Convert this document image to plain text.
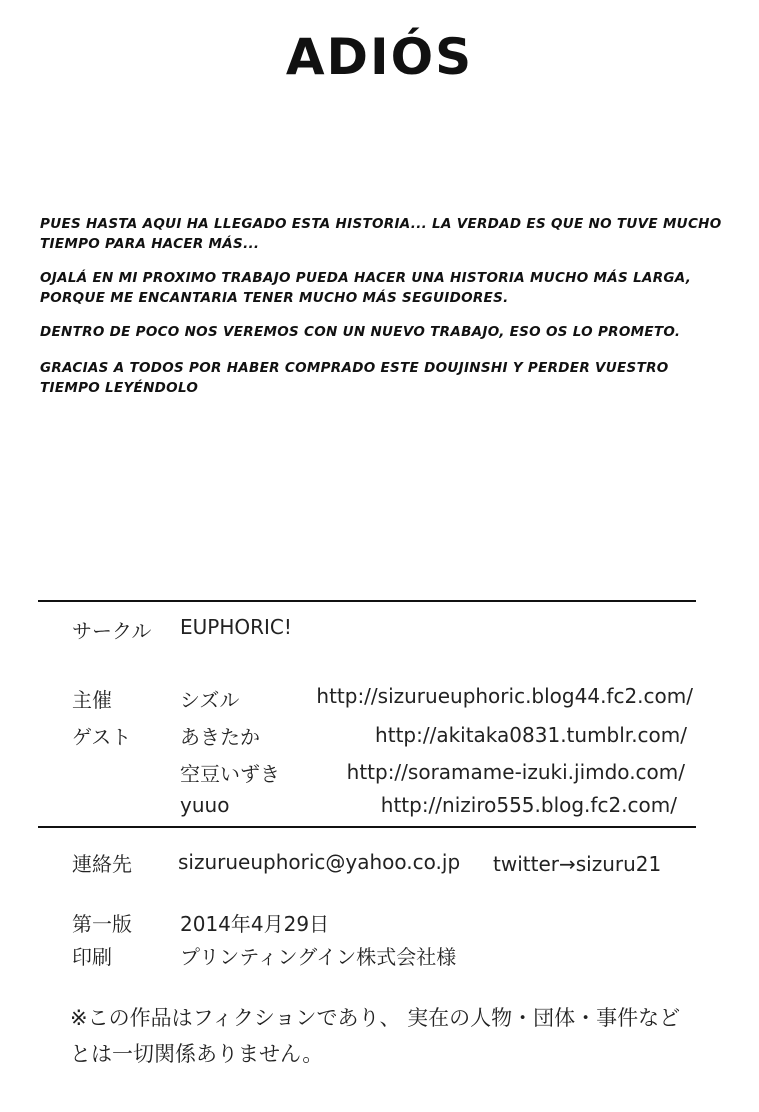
ADIÓS
PUES HASTA AQUI HA LLEGADO ESTA HISTORIA... LA VERDAD ES QUE NO TUVE MUCHO
TIEMPO PARA HACER MÁS...
OJALÁ EN MI PROXIMO TRABAJO PUEDA HACER UNA HISTORIA MUCHO MÁS LARGA,
PORQUE ME ENCANTARIA TENER MUCHO MÁS SEGUIDORES.
DENTRO DE POCO NOS VEREMOS CON UN NUEVO TRABAJO, ESO OS LO PROMETO.
GRACIAS A TODOS POR HABER COMPRADO ESTE DOUJINSHI Y PERDER VUESTRO
TIEMPO LEYÉNDOLO
サークル EUPHORIC!
主催	シズル	http://sizurueuphoric.blog44.fc2.com/
ゲスト あきたか	http://akitaka0831.tumblr.com/
空豆いずき	http://soramame-izuki.jimdo.com/
yuuo	http://niziro555.blog.fc2.com/
連絡先 sizurueuphoric@yahoo.co.jp twitter→sizuru21
第一版 2014年4月29日
印刷	プリンティングイン株式会社様
※この作品はフィクションであり、 実在の人物・団体・事件など
とは一切関係ありません。
